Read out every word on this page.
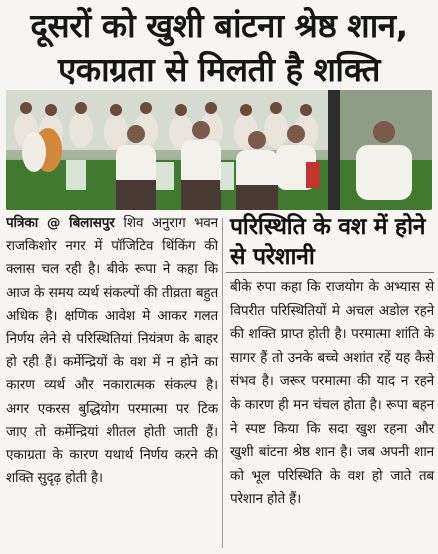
दूसरों को खुशी बांटना श्रेष्ठ शान,
एकाग्रता से मिलती है शक्ति
पत्रिका @ बिलासपुर शिव अनुराग भवन राजकिशोर नगर में पॉजिटिव थिंकिंग की क्लास चल रही है। बीके रूपा ने कहा कि आज के समय व्यर्थ संकल्पों की तीव्रता बहुत अधिक है। क्षणिक आवेश मे आकर गलत निर्णय लेने से परिस्थितियां नियंत्रण के बाहर हो रही हैं। कर्मेन्द्रियों के वश में न होने का कारण व्यर्थ और नकारात्मक संकल्प है। अगर एकरस बुद्धियोग परमात्मा पर टिक जाए तो कर्मेन्द्रियां शीतल होती जाती हैं। एकाग्रता के कारण यथार्थ निर्णय करने की शक्ति सुदृढ़ होती है।
परिस्थिति के वश में होने से परेशानी
बीके रुपा कहा कि राजयोग के अभ्यास से विपरीत परिस्थितियों मे अचल अडोल रहने की शक्ति प्राप्त होती है। परमात्मा शांति के सागर हैं तो उनके बच्चे अशांत रहें यह कैसे संभव है। जरूर परमात्मा की याद न रहने के कारण ही मन चंचल होता है। रूपा बहन ने स्पष्ट किया कि सदा खुश रहना और खुशी बांटना श्रेष्ठ शान है। जब अपनी शान को भूल परिस्थिति के वश हो जाते तब परेशान होते हैं।
